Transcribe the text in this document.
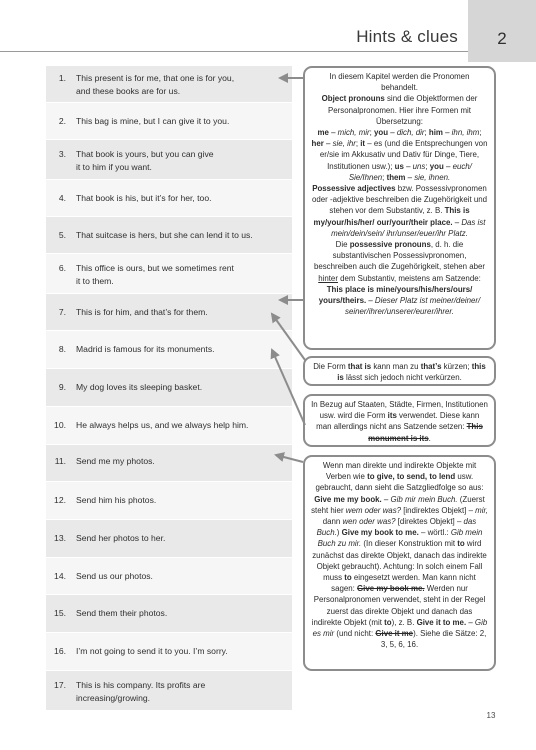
Hints & clues	2
1. This present is for me, that one is for you,
and these books are for us.
2. This bag is mine, but I can give it to you.
3. That book is yours, but you can give
it to him if you want.
4. That book is his, but it’s for her, too.
5. That suitcase is hers, but she can lend it to us.
6. This office is ours, but we sometimes rent
it to them.
7. This is for him, and that’s for them.
8. Madrid is famous for its monuments.
9. My dog loves its sleeping basket.
10. He always helps us, and we always help him.
11. Send me my photos.
12. Send him his photos.
13. Send her photos to her.
14. Send us our photos.
15. Send them their photos.
16. I’m not going to send it to you. I’m sorry.
17. This is his company. Its profits are
increasing/growing.
In diesem Kapitel werden die Pronomen behandelt.
Object pronouns sind die Objektformen der Personalpronomen. Hier ihre Formen mit Übersetzung:
me – mich, mir; you – dich, dir; him – ihn, ihm; her – sie, ihr; it – es (und die Entsprechungen von er/sie im Akkusativ und Dativ für Dinge, Tiere, Institutionen usw.); us – uns; you – euch/ Sie/Ihnen; them – sie, ihnen.
Possessive adjectives bzw. Possessivpronomen oder -adjektive beschreiben die Zugehörigkeit und stehen vor dem Substantiv, z. B. This is my/your/his/her/ our/your/their place. – Das ist mein/dein/sein/ ihr/unser/euer/ihr Platz.
Die possessive pronouns, d. h. die substantivischen Possessivpronomen, beschreiben auch die Zugehörigkeit, stehen aber hinter dem Substantiv, meistens am Satzende:
This place is mine/yours/his/hers/ours/ yours/theirs. – Dieser Platz ist meiner/deiner/ seiner/ihrer/unserer/eurer/ihrer.
Die Form that is kann man zu that’s kürzen; this is lässt sich jedoch nicht verkürzen.
In Bezug auf Staaten, Städte, Firmen, Institutionen usw. wird die Form its verwendet. Diese kann man allerdings nicht ans Satzende setzen: This monument is its.
Wenn man direkte und indirekte Objekte mit Verben wie to give, to send, to lend usw. gebraucht, dann sieht die Satzgliedfolge so aus: Give me my book. – Gib mir mein Buch. (Zuerst steht hier wem oder was? [indirektes Objekt] – mir, dann wen oder was? [direktes Objekt] – das Buch.) Give my book to me. – wörtl.: Gib mein Buch zu mir. (In dieser Konstruktion mit to wird zunächst das direkte Objekt, danach das indirekte Objekt gebraucht). Achtung: In solch einem Fall muss to eingesetzt werden. Man kann nicht sagen: Give my book me. Werden nur Personalpronomen verwendet, steht in der Regel zuerst das direkte Objekt und danach das indirekte Objekt (mit to), z. B. Give it to me. – Gib es mir (und nicht: Give it me). Siehe die Sätze: 2, 3, 5, 6, 16.
13
